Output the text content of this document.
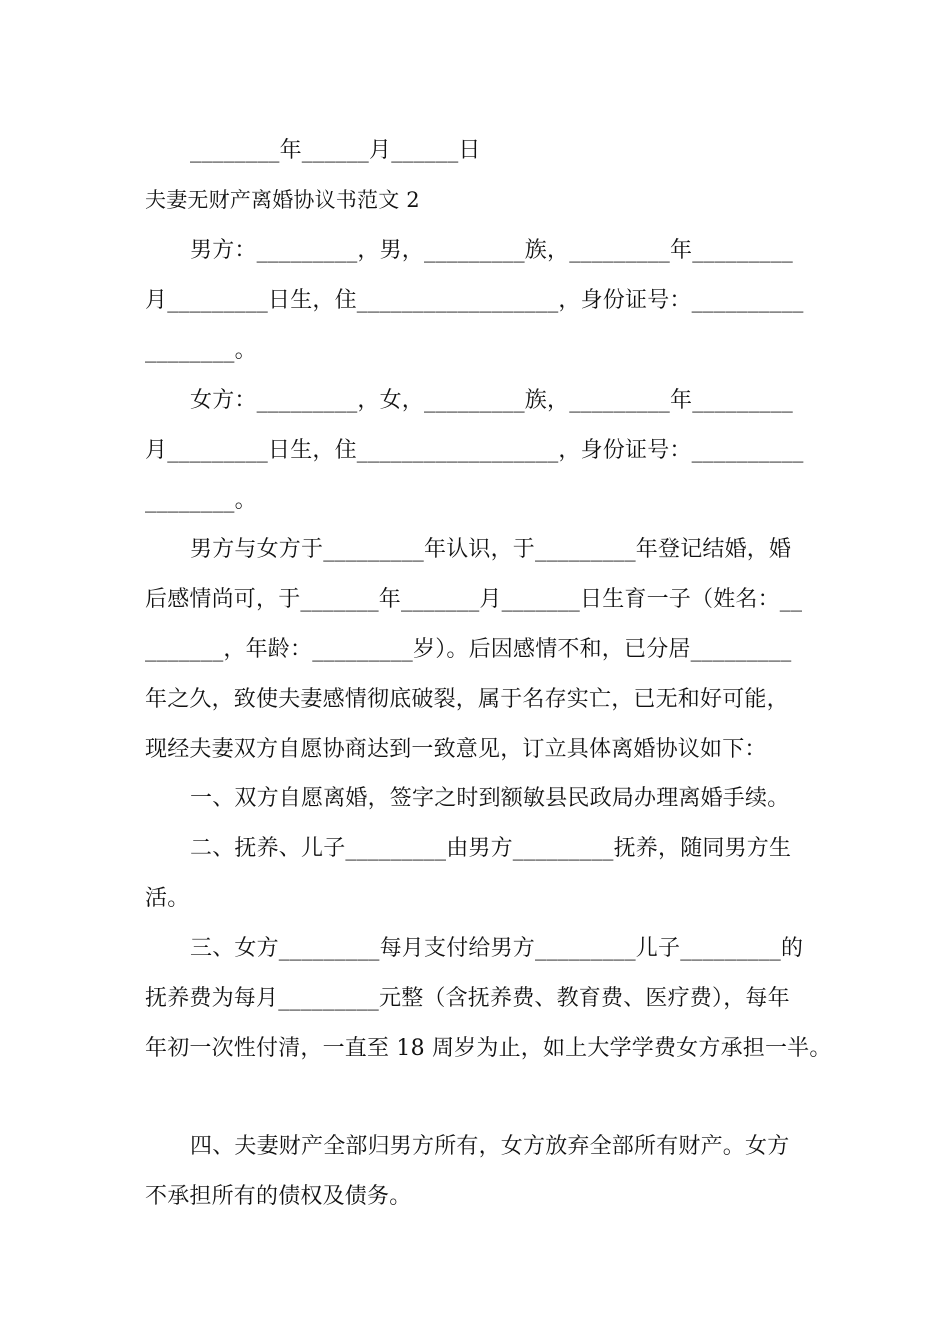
________年______月______日
夫妻无财产离婚协议书范文 2
男方：_________，男，_________族，_________年_________
月_________日生，住__________________，身份证号：__________
________。
女方：_________，女，_________族，_________年_________
月_________日生，住__________________，身份证号：__________
________。
男方与女方于_________年认识，于_________年登记结婚，婚
后感情尚可，于_______年_______月_______日生育一子（姓名：__
_______，年龄：_________岁）。后因感情不和，已分居_________
年之久，致使夫妻感情彻底破裂，属于名存实亡，已无和好可能，
现经夫妻双方自愿协商达到一致意见，订立具体离婚协议如下：
一、双方自愿离婚，签字之时到额敏县民政局办理离婚手续。
二、抚养、儿子_________由男方_________抚养，随同男方生
活。
三、女方_________每月支付给男方_________儿子_________的
抚养费为每月_________元整（含抚养费、教育费、医疗费），每年
年初一次性付清，一直至 18 周岁为止，如上大学学费女方承担一半。
四、夫妻财产全部归男方所有，女方放弃全部所有财产。女方
不承担所有的债权及债务。
